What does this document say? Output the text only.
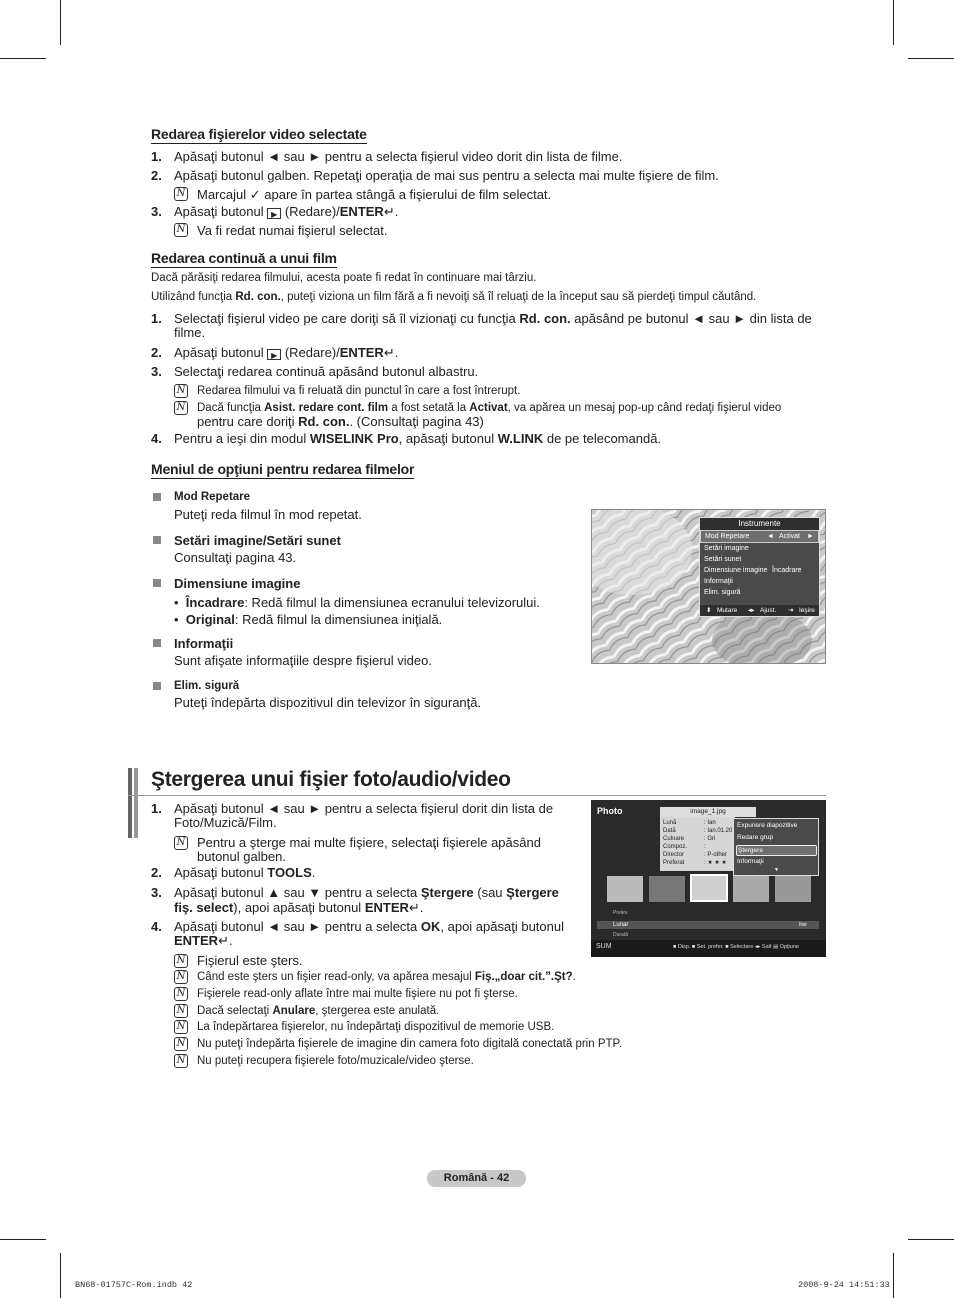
Redarea fişierelor video selectate
1. Apăsaţi butonul ◄ sau ► pentru a selecta fişierul video dorit din lista de filme.
2. Apăsaţi butonul galben. Repetaţi operaţia de mai sus pentru a selecta mai multe fişiere de film.
N Marcajul ✓ apare în partea stângă a fişierului de film selectat.
3. Apăsaţi butonul ▶ (Redare)/ENTER↵.
N Va fi redat numai fişierul selectat.
Redarea continuă a unui film
Dacă părăsiţi redarea filmului, acesta poate fi redat în continuare mai târziu.
Utilizând funcţia Rd. con., puteţi viziona un film fără a fi nevoiţi să îl reluaţi de la început sau să pierdeţi timpul căutând.
1. Selectaţi fişierul video pe care doriţi să îl vizionaţi cu funcţia Rd. con. apăsând pe butonul ◄ sau ► din lista de
filme.
2. Apăsaţi butonul ▶ (Redare)/ENTER↵.
3. Selectaţi redarea continuă apăsând butonul albastru.
N Redarea filmului va fi reluată din punctul în care a fost întrerupt.
N Dacă funcţia Asist. redare cont. film a fost setată la Activat, va apărea un mesaj pop-up când redaţi fişierul video
pentru care doriţi Rd. con.. (Consultaţi pagina 43)
4. Pentru a ieşi din modul WISELINK Pro, apăsaţi butonul W.LINK de pe telecomandă.
Meniul de opţiuni pentru redarea filmelor
Mod Repetare
Puteţi reda filmul în mod repetat.
Setări imagine/Setări sunet
Consultaţi pagina 43.
Dimensiune imagine
•  Încadrare: Redă filmul la dimensiunea ecranului televizorului.
•  Original: Redă filmul la dimensiunea iniţială.
Informaţii
Sunt afişate informaţiile despre fişierul video.
Elim. sigură
Puteţi îndepărta dispozitivul din televizor în siguranţă.
Instrumente
Mod Repetare	◄ Activat ►
Setări imagine
Setări sunet
Dimensiune imagine Încadrare
Informaţii
Elim. sigură
⬍ Mutare ◂▸ Ajust. ⇥ Ieşire
Ştergerea unui fişier foto/audio/video
1. Apăsaţi butonul ◄ sau ► pentru a selecta fişierul dorit din lista de
Foto/Muzică/Film.
N Pentru a şterge mai multe fişiere, selectaţi fişierele apăsând
butonul galben.
2. Apăsaţi butonul TOOLS.
3. Apăsaţi butonul ▲ sau ▼ pentru a selecta Ştergere (sau Ştergere
fiş. select), apoi apăsaţi butonul ENTER↵.
4. Apăsaţi butonul ◄ sau ► pentru a selecta OK, apoi apăsaţi butonul
ENTER↵.
N Fişierul este şters.
N Când este şters un fişier read-only, va apărea mesajul Fiş.„doar cit.”.Şt?.
N Fişierele read-only aflate între mai multe fişiere nu pot fi şterse.
N Dacă selectaţi Anulare, ştergerea este anulată.
N La îndepărtarea fişierelor, nu îndepărtaţi dispozitivul de memorie USB.
N Nu puteţi îndepărta fişierele de imagine din camera foto digitală conectată prin PTP.
N Nu puteţi recupera fişierele foto/muzicale/video şterse.
Photo	image_1.jpg
Lună	: Ian
Dată	: Ian.01.20
Culoare	: Gri
Compoz.	:
Director	: P-other
Preferat	: ★ ★ ★
Expunere diapozitive
Redare grup
Ştergere
Informaţii
▼
Prelev.
Lunar	Noi
Durată
SUM	■ Disp. ■ Set. prefer. ■ Selectare ◂▸ Salt ▤ Opţiune
Română - 42
BN68-01757C-Rom.indb 42	2008-9-24 14:51:33
